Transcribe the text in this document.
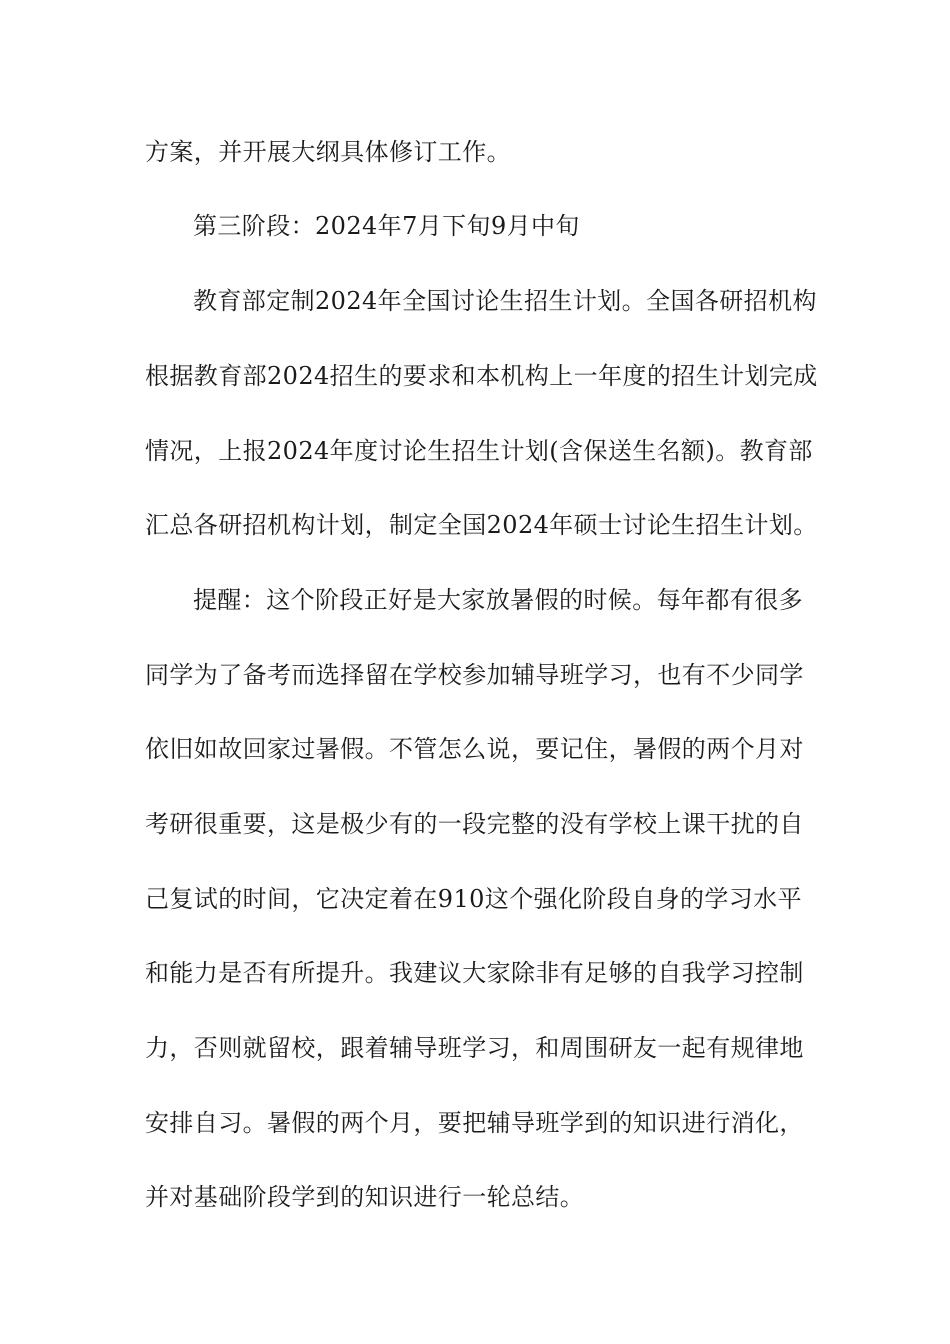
方案，并开展大纲具体修订工作。
第三阶段：2024年7月下旬9月中旬
教育部定制2024年全国讨论生招生计划。全国各研招机构
根据教育部2024招生的要求和本机构上一年度的招生计划完成
情况，上报2024年度讨论生招生计划(含保送生名额)。教育部
汇总各研招机构计划，制定全国2024年硕士讨论生招生计划。
提醒：这个阶段正好是大家放暑假的时候。每年都有很多
同学为了备考而选择留在学校参加辅导班学习，也有不少同学
依旧如故回家过暑假。不管怎么说，要记住，暑假的两个月对
考研很重要，这是极少有的一段完整的没有学校上课干扰的自
己复试的时间，它决定着在910这个强化阶段自身的学习水平
和能力是否有所提升。我建议大家除非有足够的自我学习控制
力，否则就留校，跟着辅导班学习，和周围研友一起有规律地
安排自习。暑假的两个月，要把辅导班学到的知识进行消化，
并对基础阶段学到的知识进行一轮总结。
